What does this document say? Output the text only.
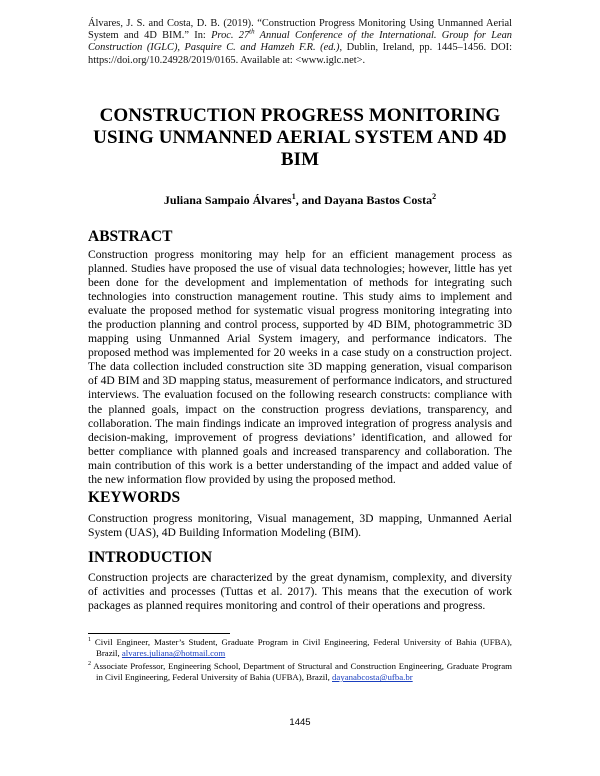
Álvares, J. S. and Costa, D. B. (2019). “Construction Progress Monitoring Using Unmanned Aerial System and 4D BIM.” In: Proc. 27th Annual Conference of the International. Group for Lean Construction (IGLC), Pasquire C. and Hamzeh F.R. (ed.), Dublin, Ireland, pp. 1445–1456. DOI: https://doi.org/10.24928/2019/0165. Available at: <www.iglc.net>.
CONSTRUCTION PROGRESS MONITORING USING UNMANNED AERIAL SYSTEM AND 4D BIM
Juliana Sampaio Álvares$^1$, and Dayana Bastos Costa$^2$
ABSTRACT
Construction progress monitoring may help for an efficient management process as planned. Studies have proposed the use of visual data technologies; however, little has yet been done for the development and implementation of methods for integrating such technologies into construction management routine. This study aims to implement and evaluate the proposed method for systematic visual progress monitoring integrating into the production planning and control process, supported by 4D BIM, photogrammetric 3D mapping using Unmanned Arial System imagery, and performance indicators. The proposed method was implemented for 20 weeks in a case study on a construction project. The data collection included construction site 3D mapping generation, visual comparison of 4D BIM and 3D mapping status, measurement of performance indicators, and structured interviews. The evaluation focused on the following research constructs: compliance with the planned goals, impact on the construction progress deviations, transparency, and collaboration. The main findings indicate an improved integration of progress analysis and decision-making, improvement of progress deviations’ identification, and allowed for better compliance with planned goals and increased transparency and collaboration. The main contribution of this work is a better understanding of the impact and added value of the new information flow provided by using the proposed method.
KEYWORDS
Construction progress monitoring, Visual management, 3D mapping, Unmanned Aerial System (UAS), 4D Building Information Modeling (BIM).
INTRODUCTION
Construction projects are characterized by the great dynamism, complexity, and diversity of activities and processes (Tuttas et al. 2017). This means that the execution of work packages as planned requires monitoring and control of their operations and progress.
$^1$ Civil Engineer, Master’s Student, Graduate Program in Civil Engineering, Federal University of Bahia (UFBA), Brazil, alvares.juliana@hotmail.com
$^2$ Associate Professor, Engineering School, Department of Structural and Construction Engineering, Graduate Program in Civil Engineering, Federal University of Bahia (UFBA), Brazil, dayanabcosta@ufba.br
1445
